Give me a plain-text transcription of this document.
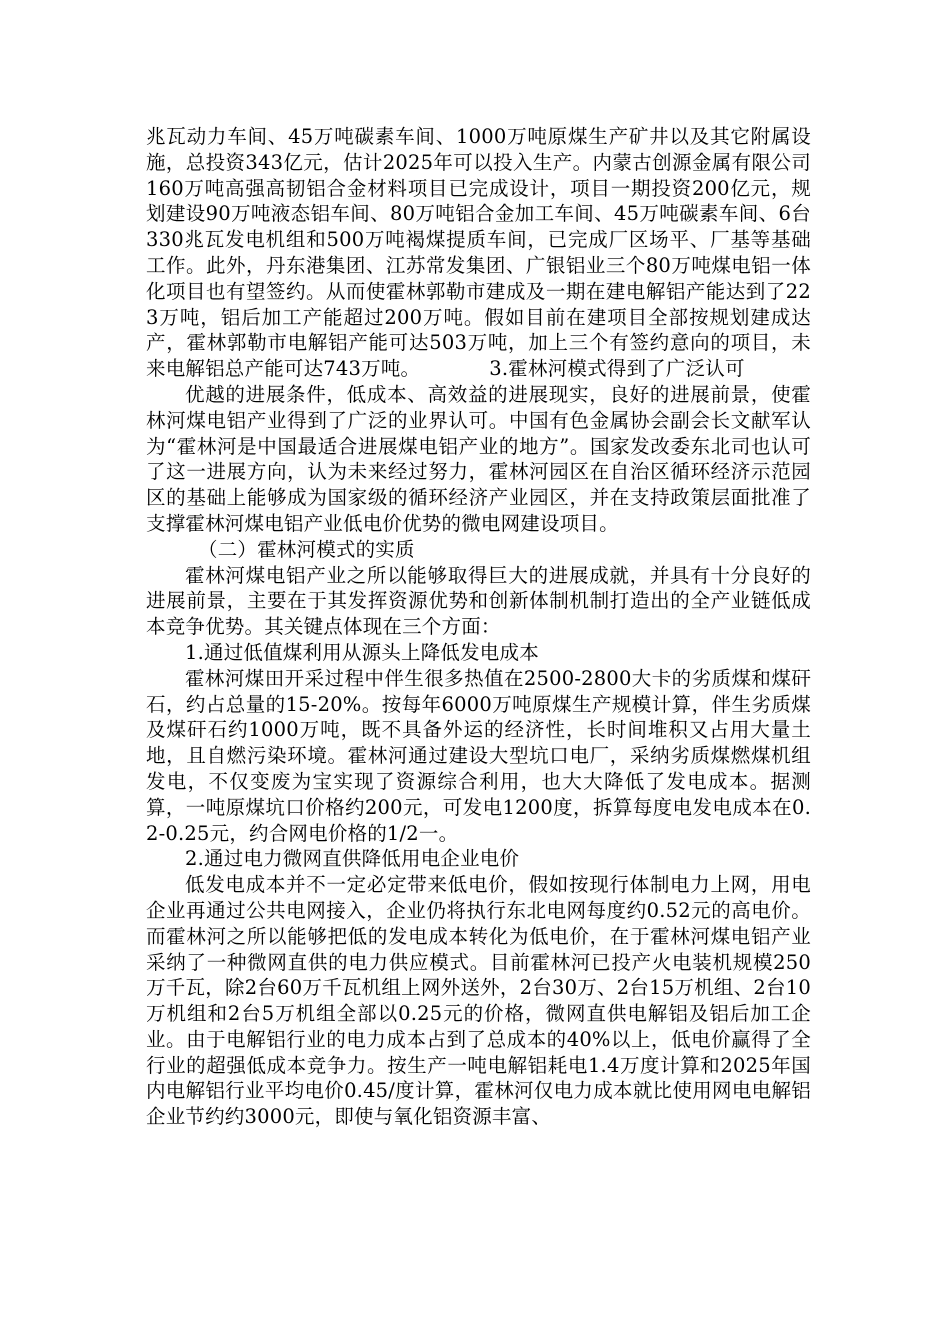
兆瓦动力车间、45万吨碳素车间、1000万吨原煤生产矿井以及其它附属设施，总投资343亿元，估计2025年可以投入生产。内蒙古创源金属有限公司160万吨高强高韧铝合金材料项目已完成设计，项目一期投资200亿元，规划建设90万吨液态铝车间、80万吨铝合金加工车间、45万吨碳素车间、6台330兆瓦发电机组和500万吨褐煤提质车间，已完成厂区场平、厂基等基础工作。此外，丹东港集团、江苏常发集团、广银铝业三个80万吨煤电铝一体化项目也有望签约。从而使霍林郭勒市建成及一期在建电解铝产能达到了223万吨，铝后加工产能超过200万吨。假如目前在建项目全部按规划建成达产，霍林郭勒市电解铝产能可达503万吨，加上三个有签约意向的项目，未来电解铝总产能可达743万吨。　　　　3.霍林河模式得到了广泛认可

优越的进展条件，低成本、高效益的进展现实，良好的进展前景，使霍林河煤电铝产业得到了广泛的业界认可。中国有色金属协会副会长文献军认为“霍林河是中国最适合进展煤电铝产业的地方”。国家发改委东北司也认可了这一进展方向，认为未来经过努力，霍林河园区在自治区循环经济示范园区的基础上能够成为国家级的循环经济产业园区，并在支持政策层面批准了支撑霍林河煤电铝产业低电价优势的微电网建设项目。

（二）霍林河模式的实质

霍林河煤电铝产业之所以能够取得巨大的进展成就，并具有十分良好的进展前景，主要在于其发挥资源优势和创新体制机制打造出的全产业链低成本竞争优势。其关键点体现在三个方面：

1.通过低值煤利用从源头上降低发电成本

霍林河煤田开采过程中伴生很多热值在2500-2800大卡的劣质煤和煤矸石，约占总量的15-20%。按每年6000万吨原煤生产规模计算，伴生劣质煤及煤矸石约1000万吨，既不具备外运的经济性，长时间堆积又占用大量土地，且自燃污染环境。霍林河通过建设大型坑口电厂，采纳劣质煤燃煤机组发电，不仅变废为宝实现了资源综合利用，也大大降低了发电成本。据测算，一吨原煤坑口价格约200元，可发电1200度，拆算每度电发电成本在0.2-0.25元，约合网电价格的1/2一。

2.通过电力微网直供降低用电企业电价

低发电成本并不一定必定带来低电价，假如按现行体制电力上网，用电企业再通过公共电网接入，企业仍将执行东北电网每度约0.52元的高电价。而霍林河之所以能够把低的发电成本转化为低电价，在于霍林河煤电铝产业采纳了一种微网直供的电力供应模式。目前霍林河已投产火电装机规模250万千瓦，除2台60万千瓦机组上网外送外，2台30万、2台15万机组、2台10万机组和2台5万机组全部以0.25元的价格，微网直供电解铝及铝后加工企业。由于电解铝行业的电力成本占到了总成本的40%以上，低电价赢得了全行业的超强低成本竞争力。按生产一吨电解铝耗电1.4万度计算和2025年国内电解铝行业平均电价0.45/度计算，霍林河仅电力成本就比使用网电电解铝企业节约约3000元，即使与氧化铝资源丰富、
